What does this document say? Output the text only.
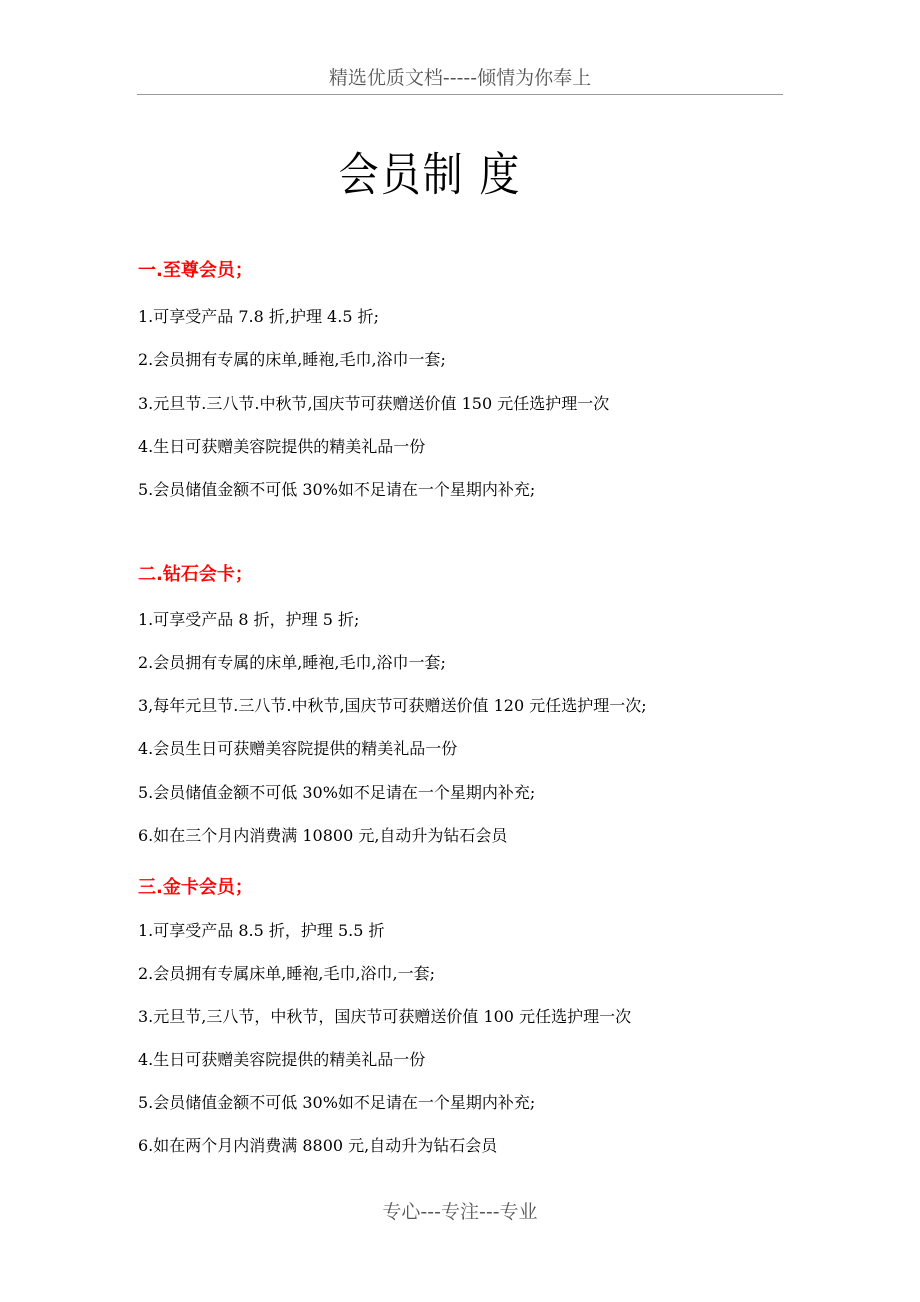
精选优质文档-----倾情为你奉上
会员制 度
一.至尊会员；
1.可享受产品 7.8 折,护理 4.5 折;
2.会员拥有专属的床单,睡袍,毛巾,浴巾一套;
3.元旦节.三八节.中秋节,国庆节可获赠送价值 150 元任选护理一次
4.生日可获赠美容院提供的精美礼品一份
5.会员储值金额不可低 30%如不足请在一个星期内补充;
二.钻石会卡；
1.可享受产品 8 折，护理 5 折;
2.会员拥有专属的床单,睡袍,毛巾,浴巾一套;
3,每年元旦节.三八节.中秋节,国庆节可获赠送价值 120 元任选护理一次;
4.会员生日可获赠美容院提供的精美礼品一份
5.会员储值金额不可低 30%如不足请在一个星期内补充;
6.如在三个月内消费满 10800 元,自动升为钻石会员
三.金卡会员；
1.可享受产品 8.5 折，护理 5.5 折
2.会员拥有专属床单,睡袍,毛巾,浴巾,一套;
3.元旦节,三八节，中秋节，国庆节可获赠送价值 100 元任选护理一次
4.生日可获赠美容院提供的精美礼品一份
5.会员储值金额不可低 30%如不足请在一个星期内补充;
6.如在两个月内消费满 8800 元,自动升为钻石会员
专心---专注---专业
